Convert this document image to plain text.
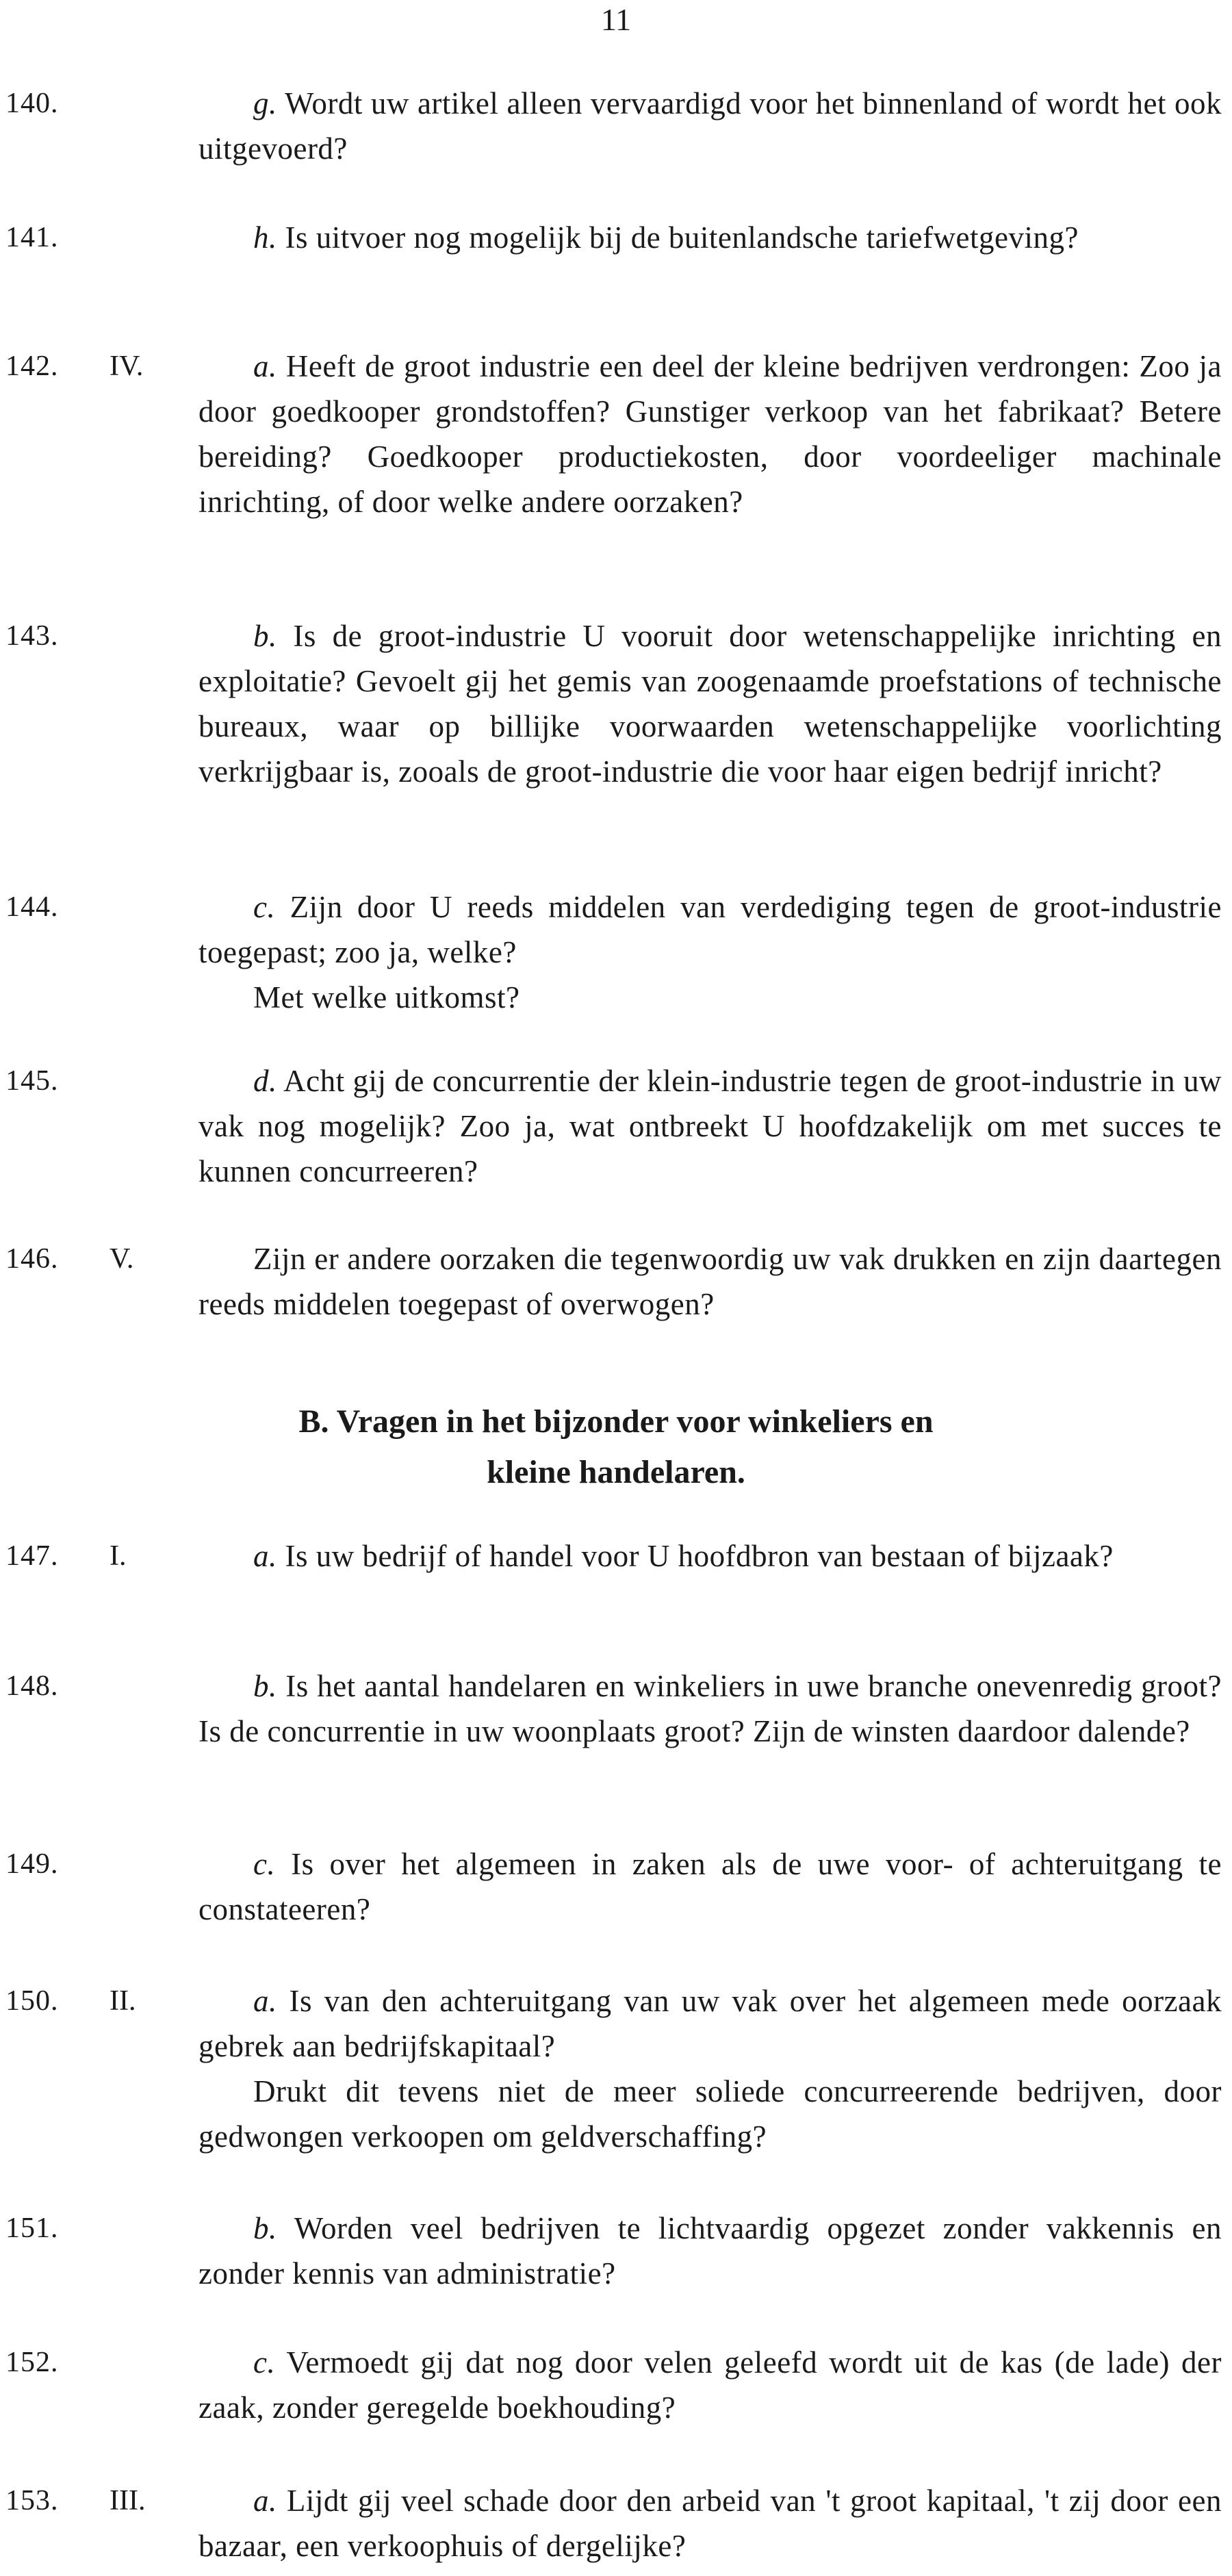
11
140.	g. Wordt uw artikel alleen vervaardigd voor het binnenland of wordt het ook uitgevoerd?
141.	h. Is uitvoer nog mogelijk bij de buitenlandsche tariefwetgeving?
142. IV.	a. Heeft de groot industrie een deel der kleine bedrijven verdrongen: Zoo ja door goedkooper grondstoffen? Gunstiger verkoop van het fabrikaat? Betere bereiding? Goedkooper productiekosten, door voordeeliger machinale inrichting, of door welke andere oorzaken?
143.	b. Is de groot-industrie U vooruit door wetenschappelijke inrichting en exploitatie? Gevoelt gij het gemis van zoogenaamde proefstations of technische bureaux, waar op billijke voorwaarden wetenschappelijke voorlichting verkrijgbaar is, zooals de groot-industrie die voor haar eigen bedrijf inricht?
144.	c. Zijn door U reeds middelen van verdediging tegen de groot-industrie toegepast; zoo ja, welke?
Met welke uitkomst?
145.	d. Acht gij de concurrentie der klein-industrie tegen de groot-industrie in uw vak nog mogelijk? Zoo ja, wat ontbreekt U hoofdzakelijk om met succes te kunnen concurreeren?
146. V.	Zijn er andere oorzaken die tegenwoordig uw vak drukken en zijn daartegen reeds middelen toegepast of overwogen?
B. Vragen in het bijzonder voor winkeliers en
kleine handelaren.
147. I.	a. Is uw bedrijf of handel voor U hoofdbron van bestaan of bijzaak?
148.	b. Is het aantal handelaren en winkeliers in uwe branche onevenredig groot? Is de concurrentie in uw woonplaats groot? Zijn de winsten daardoor dalende?
149.	c. Is over het algemeen in zaken als de uwe voor- of achteruitgang te constateeren?
150. II.	a. Is van den achteruitgang van uw vak over het algemeen mede oorzaak gebrek aan bedrijfskapitaal?
Drukt dit tevens niet de meer soliede concurreerende bedrijven, door gedwongen verkoopen om geldverschaffing?
151.	b. Worden veel bedrijven te lichtvaardig opgezet zonder vakkennis en zonder kennis van administratie?
152.	c. Vermoedt gij dat nog door velen geleefd wordt uit de kas (de lade) der zaak, zonder geregelde boekhouding?
153. III.	a. Lijdt gij veel schade door den arbeid van 't groot kapitaal, 't zij door een bazaar, een verkoophuis of dergelijke?
